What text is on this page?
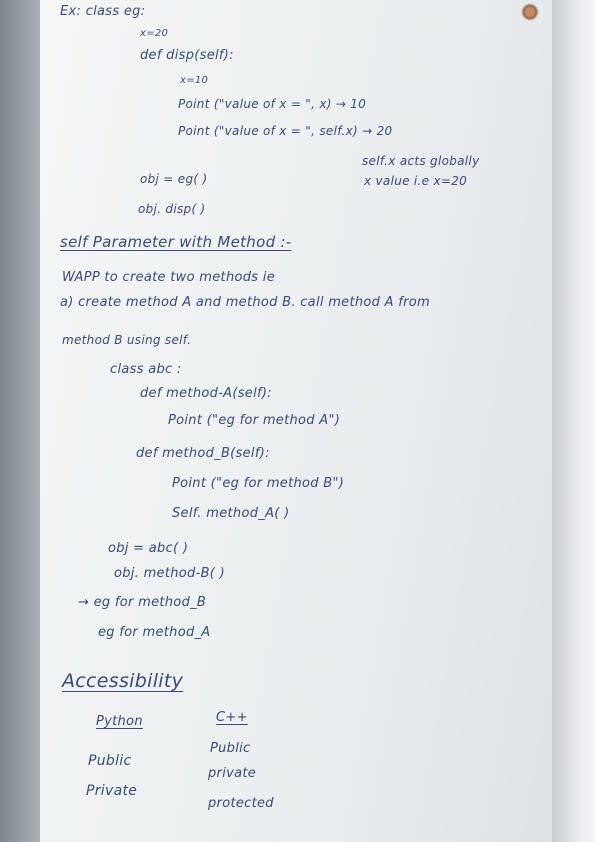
Ex: class eg:
x=20
def disp(self):
x=10
Point ("value of x = ", x) → 10
Point ("value of x = ", self.x) → 20
self.x acts globally
obj = eg( )	x value i.e x=20
obj. disp( )
self Parameter with Method :-
WAPP to create two methods ie
a) create method A and method B. call method A from
method B using self.
class abc :
def method-A(self):
Point ("eg for method A")
def method_B(self):
Point ("eg for method B")
Self. method_A( )
obj = abc( )
obj. method-B( )
→ eg for method_B
eg for method_A
Accessibility
Python	C++
Public
Private
Public
private
protected
